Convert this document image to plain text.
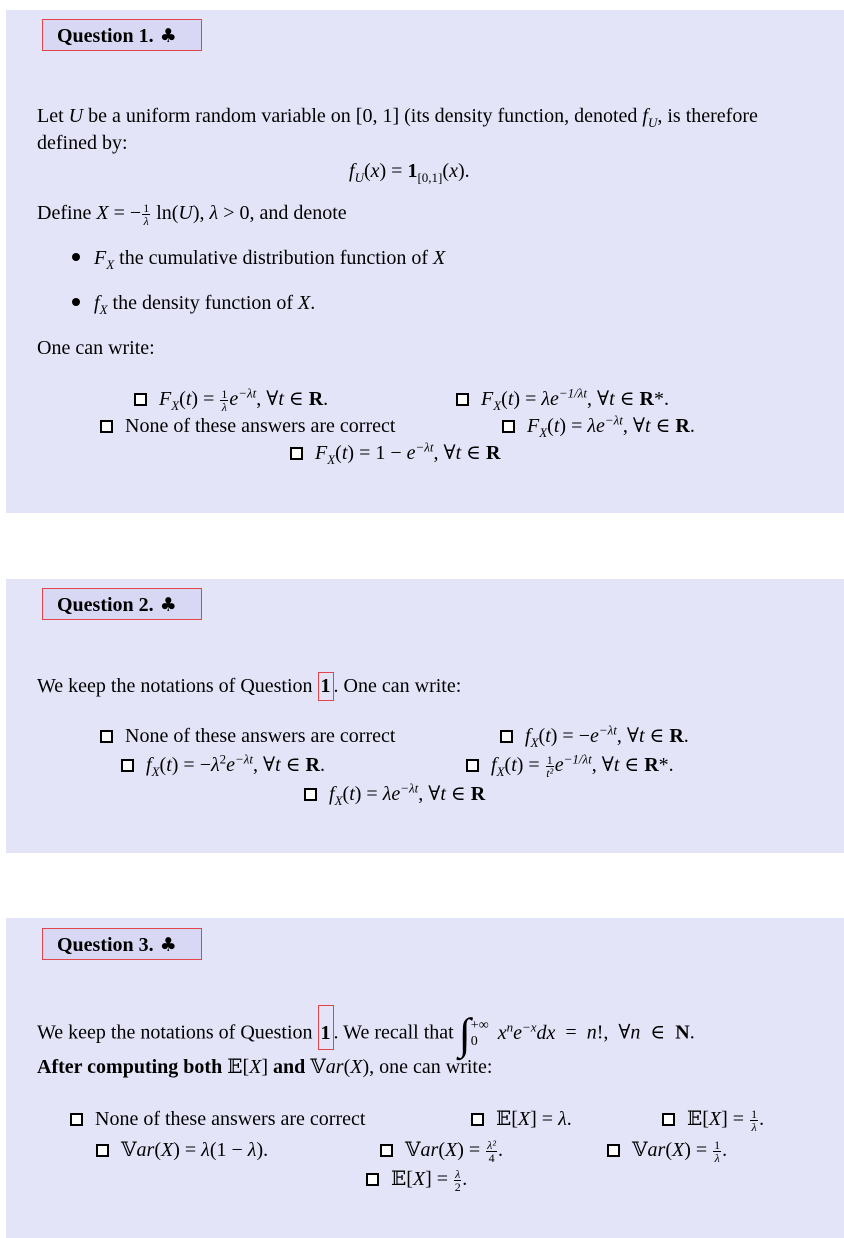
Question 1. ♣
Let U be a uniform random variable on [0, 1] (its density function, denoted $f_U$, is therefore
defined by:
$f_U(x) = 1_{[0,1]}(x)$.
Define X = − $\frac{1}{\lambda} \ln(U)$, λ > 0, and denote
$F_X$ the cumulative distribution function of X
$f_X$ the density function of X.
One can write:
$F_X(t) = \frac{1}{\lambda} e^{-\lambda t}$, ∀t ∈ R.	$F_X(t) = \lambda e^{-1/\lambda t}$, ∀t ∈ R*.
None of these answers are correct	$F_X(t) = \lambda e^{-\lambda t}$, ∀t ∈ R.
$F_X(t) = 1 - e^{-\lambda t}$, ∀t ∈ R
Question 2. ♣
We keep the notations of Question 1 . One can write:
None of these answers are correct	$f_X(t) = -e^{-\lambda t}$, ∀t ∈ R.
$f_X(t) = -\lambda^2e^{-\lambda t}$, ∀t ∈ R.	$f_X(t) = \frac{1}{\text{t²}} e^{-1/\lambda t}$, ∀t ∈ R*.
$f_X(t) = \lambda e^{-\lambda t}$, ∀t ∈ R
Question 3. ♣
We keep the notations of Question 1 . We recall that ∫ +∞
0 $x^ne^{-x}dx = n$!,  ∀n  ∈  N.
After computing both 𝔼[X] and 𝕍ar(X), one can write:
None of these answers are correct	𝔼[X] = λ.	𝔼[X] = $\frac{1}{\lambda}$ .
𝕍ar(X) = λ(1 − λ).	𝕍ar(X) = $\frac{\text{λ²}}{4}$ .	𝕍ar(X) = $\frac{1}{\lambda}$ .
𝔼[X] = $\frac{\lambda}{2}$ .
